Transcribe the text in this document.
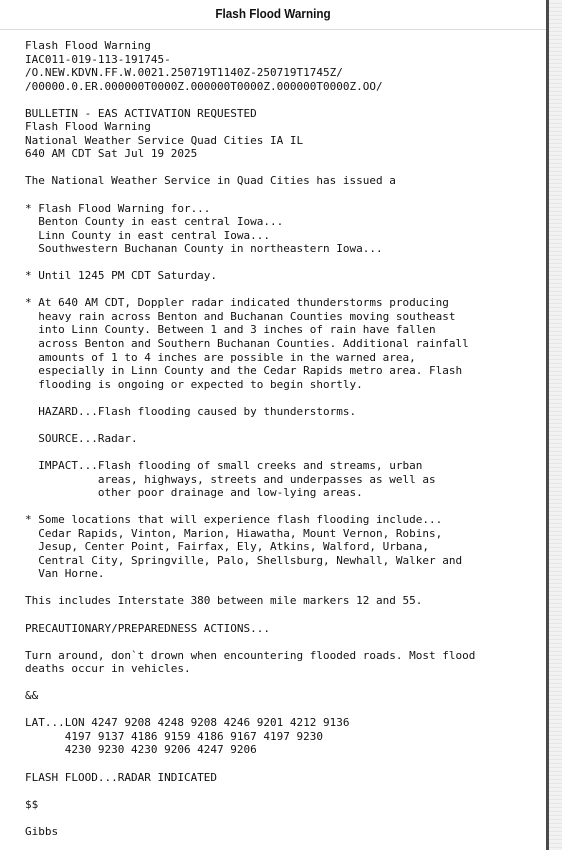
Flash Flood Warning
Flash Flood Warning
IAC011-019-113-191745-
/O.NEW.KDVN.FF.W.0021.250719T1140Z-250719T1745Z/
/00000.0.ER.000000T0000Z.000000T0000Z.000000T0000Z.OO/

BULLETIN - EAS ACTIVATION REQUESTED
Flash Flood Warning
National Weather Service Quad Cities IA IL
640 AM CDT Sat Jul 19 2025

The National Weather Service in Quad Cities has issued a

* Flash Flood Warning for...
Benton County in east central Iowa...
Linn County in east central Iowa...
Southwestern Buchanan County in northeastern Iowa...

* Until 1245 PM CDT Saturday.

* At 640 AM CDT, Doppler radar indicated thunderstorms producing
heavy rain across Benton and Buchanan Counties moving southeast
into Linn County. Between 1 and 3 inches of rain have fallen
across Benton and Southern Buchanan Counties. Additional rainfall
amounts of 1 to 4 inches are possible in the warned area,
especially in Linn County and the Cedar Rapids metro area. Flash
flooding is ongoing or expected to begin shortly.

HAZARD...Flash flooding caused by thunderstorms.

SOURCE...Radar.

IMPACT...Flash flooding of small creeks and streams, urban
areas, highways, streets and underpasses as well as
other poor drainage and low-lying areas.

* Some locations that will experience flash flooding include...
Cedar Rapids, Vinton, Marion, Hiawatha, Mount Vernon, Robins,
Jesup, Center Point, Fairfax, Ely, Atkins, Walford, Urbana,
Central City, Springville, Palo, Shellsburg, Newhall, Walker and
Van Horne.

This includes Interstate 380 between mile markers 12 and 55.

PRECAUTIONARY/PREPAREDNESS ACTIONS...

Turn around, don`t drown when encountering flooded roads. Most flood
deaths occur in vehicles.

&&

LAT...LON 4247 9208 4248 9208 4246 9201 4212 9136
4197 9137 4186 9159 4186 9167 4197 9230
4230 9230 4230 9206 4247 9206

FLASH FLOOD...RADAR INDICATED

$$

Gibbs
